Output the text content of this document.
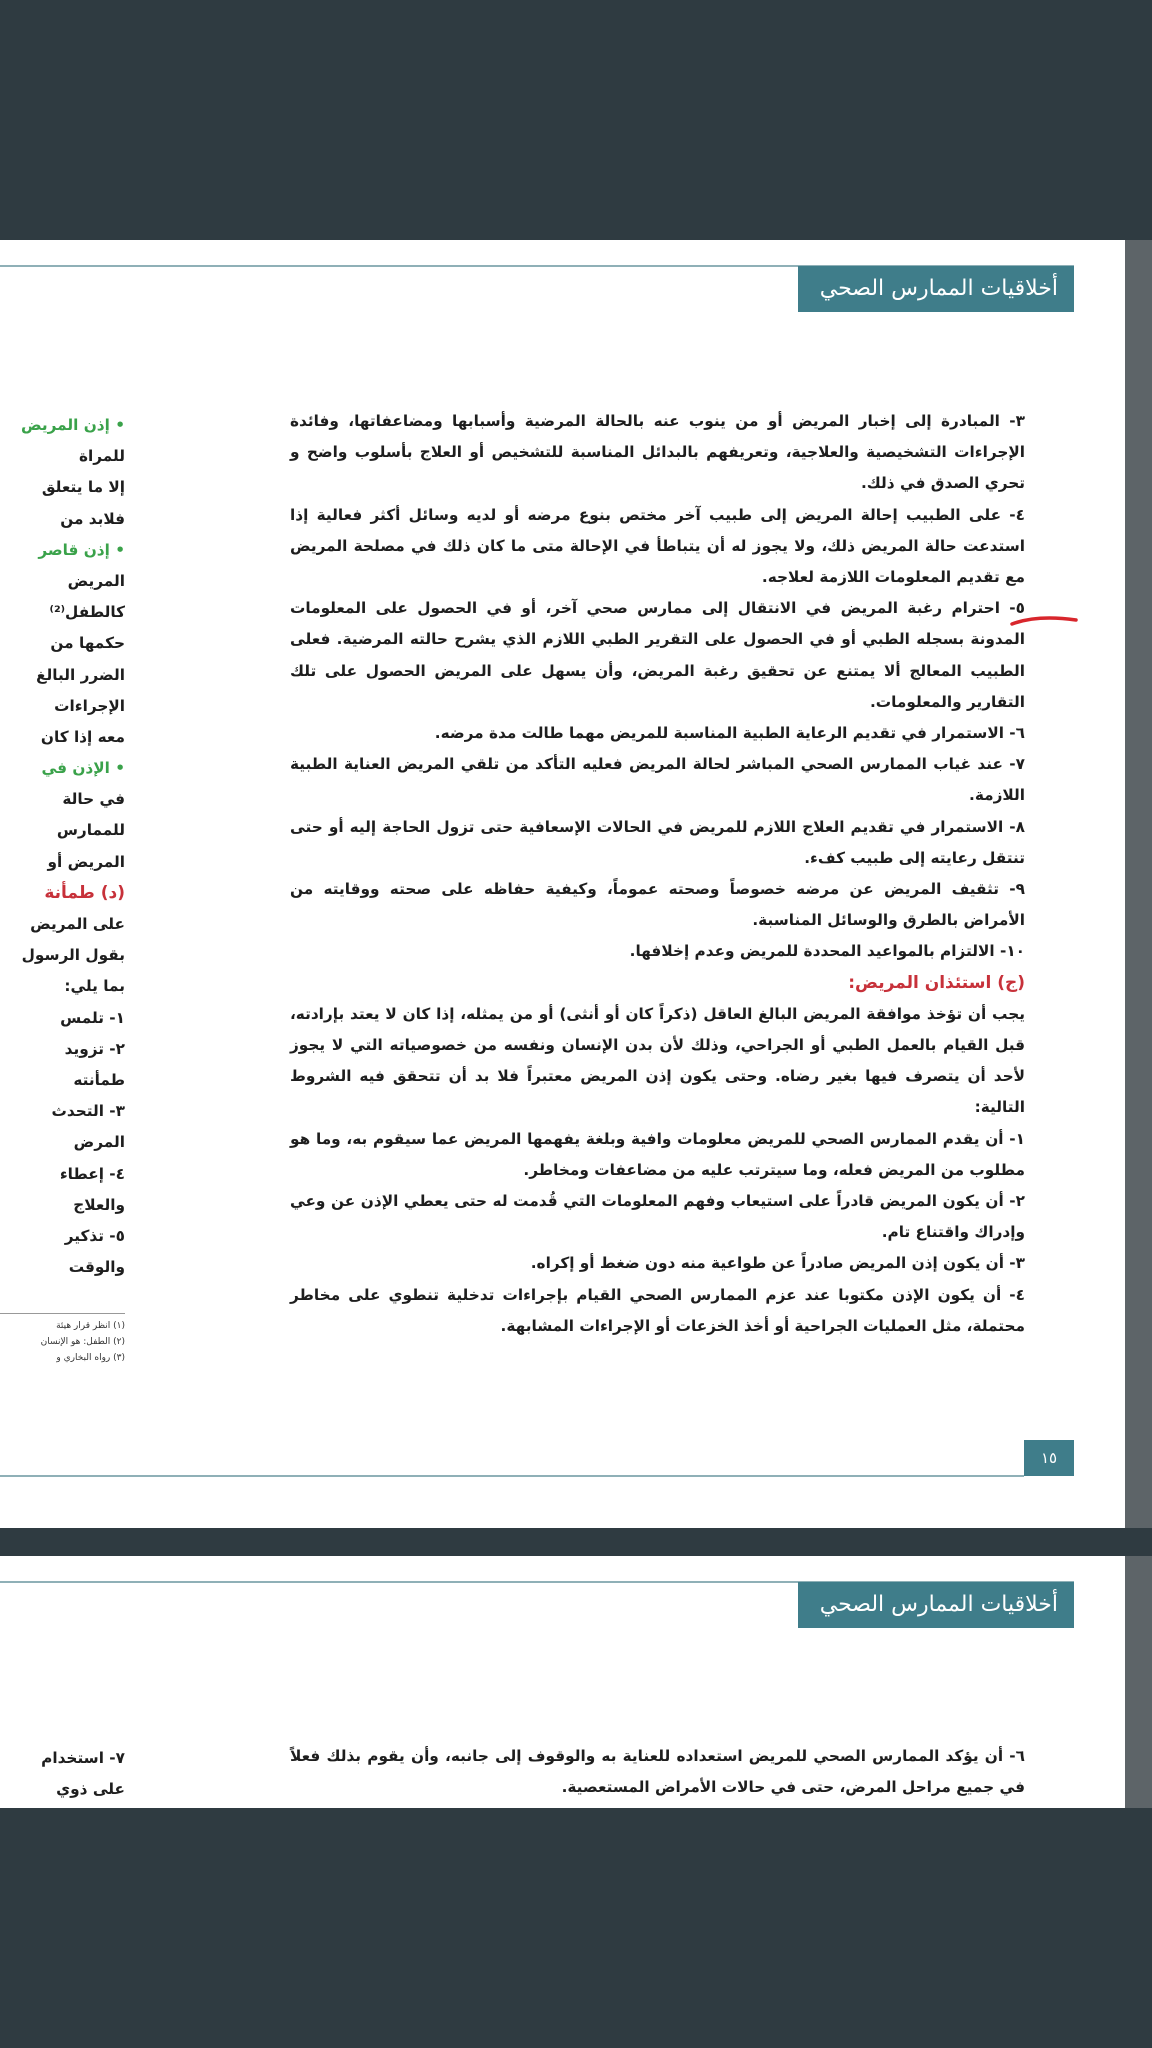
أخلاقيات الممارس الصحي
• إذن المريض
للمراة
إلا ما يتعلق
فلابد من
• إذن قاصر
المريض
كالطفل⁽²⁾
حكمها من
الضرر البالغ
الإجراءات
معه إذا كان
• الإذن في
في حالة
للممارس
المريض أو
(د) طمأنة
على المريض
بقول الرسول
بما يلي:
١- تلمس
٢- تزويد
طمأنته
٣- التحدث
المرض
٤- إعطاء
والعلاج
٥- تذكير
والوقت
(١) انظر قرار هيئة
(٢) الطفل: هو الإنسان
(٣) رواه البخاري و

٣- المبادرة إلى إخبار المريض أو من ينوب عنه بالحالة المرضية وأسبابها ومضاعفاتها، وفائدة الإجراءات التشخيصية والعلاجية، وتعريفهم بالبدائل المناسبة للتشخيص أو العلاج بأسلوب واضح و تحري الصدق في ذلك.

٤- على الطبيب إحالة المريض إلى طبيب آخر مختص بنوع مرضه أو لديه وسائل أكثر فعالية إذا استدعت حالة المريض ذلك، ولا يجوز له أن يتباطأ في الإحالة متى ما كان ذلك في مصلحة المريض مع تقديم المعلومات اللازمة لعلاجه.

٥- احترام رغبة المريض في الانتقال إلى ممارس صحي آخر، أو في الحصول على المعلومات المدونة بسجله الطبي أو في الحصول على التقرير الطبي اللازم الذي يشرح حالته المرضية. فعلى الطبيب المعالج ألا يمتنع عن تحقيق رغبة المريض، وأن يسهل على المريض الحصول على تلك التقارير والمعلومات.

٦- الاستمرار في تقديم الرعاية الطبية المناسبة للمريض مهما طالت مدة مرضه.

٧- عند غياب الممارس الصحي المباشر لحالة المريض فعليه التأكد من تلقي المريض العناية الطبية اللازمة.

٨- الاستمرار في تقديم العلاج اللازم للمريض في الحالات الإسعافية حتى تزول الحاجة إليه أو حتى تنتقل رعايته إلى طبيب كفء.

٩- تثقيف المريض عن مرضه خصوصاً وصحته عموماً، وكيفية حفاظه على صحته ووقايته من الأمراض بالطرق والوسائل المناسبة.

١٠- الالتزام بالمواعيد المحددة للمريض وعدم إخلافها.

(ج) استئذان المريض:

يجب أن تؤخذ موافقة المريض البالغ العاقل (ذكراً كان أو أنثى) أو من يمثله، إذا كان لا يعتد بإرادته، قبل القيام بالعمل الطبي أو الجراحي، وذلك لأن بدن الإنسان ونفسه من خصوصياته التي لا يجوز لأحد أن يتصرف فيها بغير رضاه. وحتى يكون إذن المريض معتبراً فلا بد أن تتحقق فيه الشروط التالية:

١- أن يقدم الممارس الصحي للمريض معلومات وافية وبلغة يفهمها المريض عما سيقوم به، وما هو مطلوب من المريض فعله، وما سيترتب عليه من مضاعفات ومخاطر.

٢- أن يكون المريض قادراً على استيعاب وفهم المعلومات التي قُدمت له حتى يعطي الإذن عن وعي وإدراك واقتناع تام.

٣- أن يكون إذن المريض صادراً عن طواعية منه دون ضغط أو إكراه.

٤- أن يكون الإذن مكتوبا عند عزم الممارس الصحي القيام بإجراءات تدخلية تنطوي على مخاطر محتملة، مثل العمليات الجراحية أو أخذ الخزعات أو الإجراءات المشابهة.

١٥
أخلاقيات الممارس الصحي
٧- استخدام
على ذوي

٦- أن يؤكد الممارس الصحي للمريض استعداده للعناية به والوقوف إلى جانبه، وأن يقوم بذلك فعلاً في جميع مراحل المرض، حتى في حالات الأمراض المستعصية.
